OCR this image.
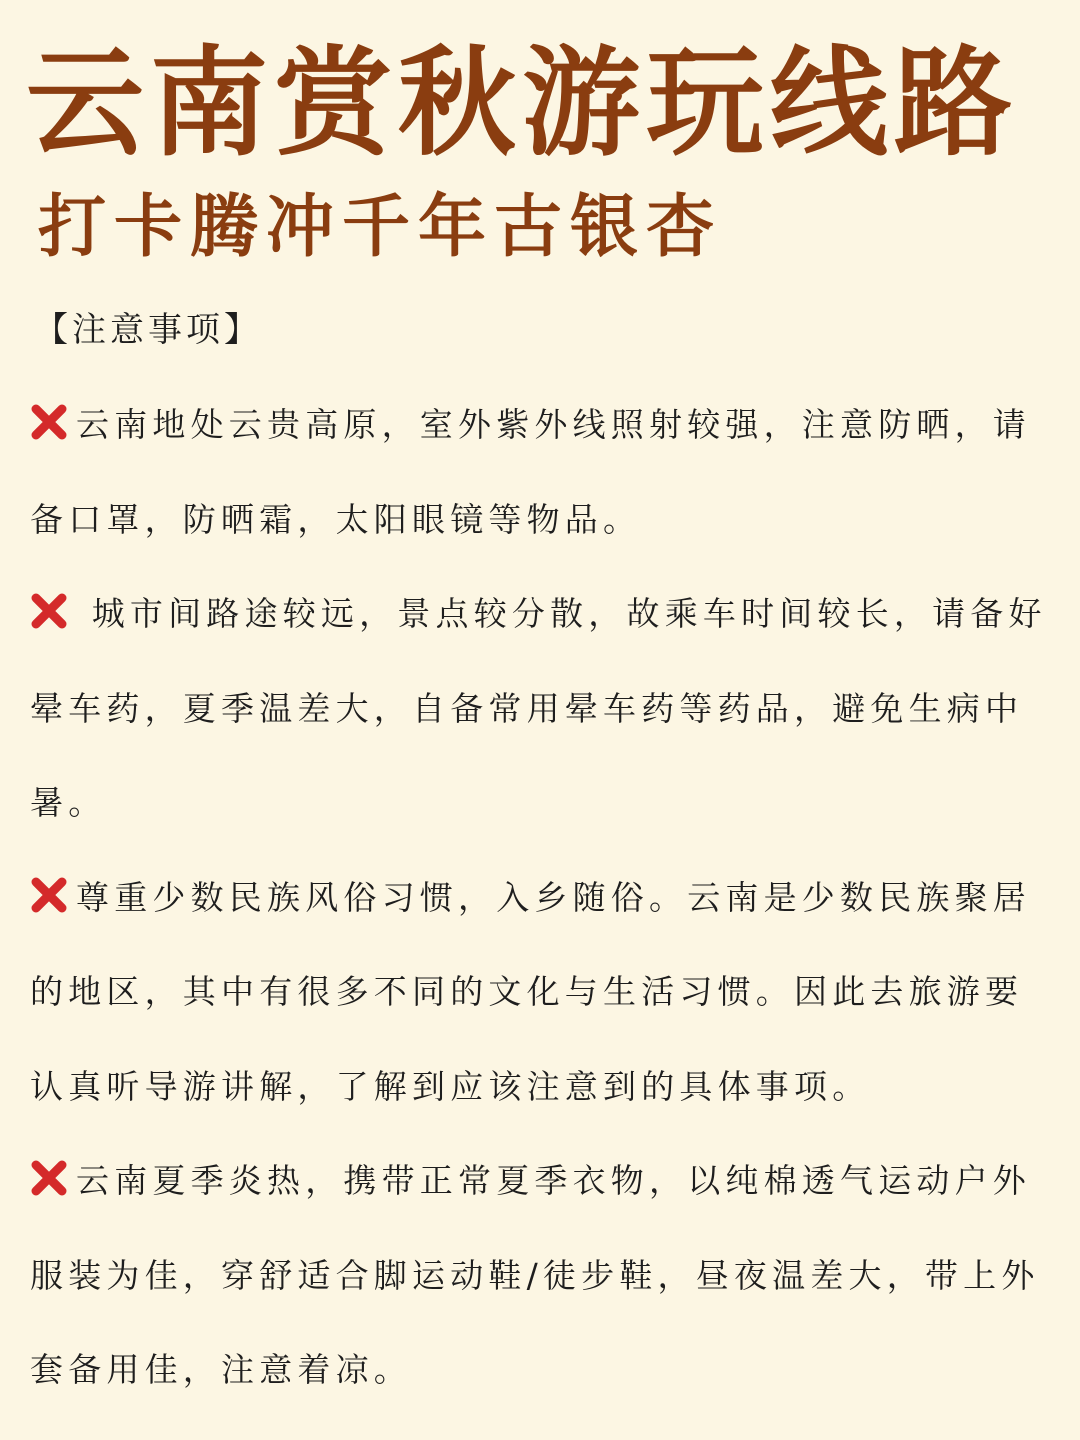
云南赏秋游玩线路
打卡腾冲千年古银杏
【注意事项】

云南地处云贵高原，室外紫外线照射较强，注意防晒，请备口罩，防晒霜，太阳眼镜等物品。

城市间路途较远，景点较分散，故乘车时间较长，请备好晕车药，夏季温差大，自备常用晕车药等药品，避免生病中暑。

尊重少数民族风俗习惯，入乡随俗。云南是少数民族聚居的地区，其中有很多不同的文化与生活习惯。因此去旅游要认真听导游讲解，了解到应该注意到的具体事项。

云南夏季炎热，携带正常夏季衣物，以纯棉透气运动户外服装为佳，穿舒适合脚运动鞋/徒步鞋，昼夜温差大，带上外套备用佳，注意着凉。
